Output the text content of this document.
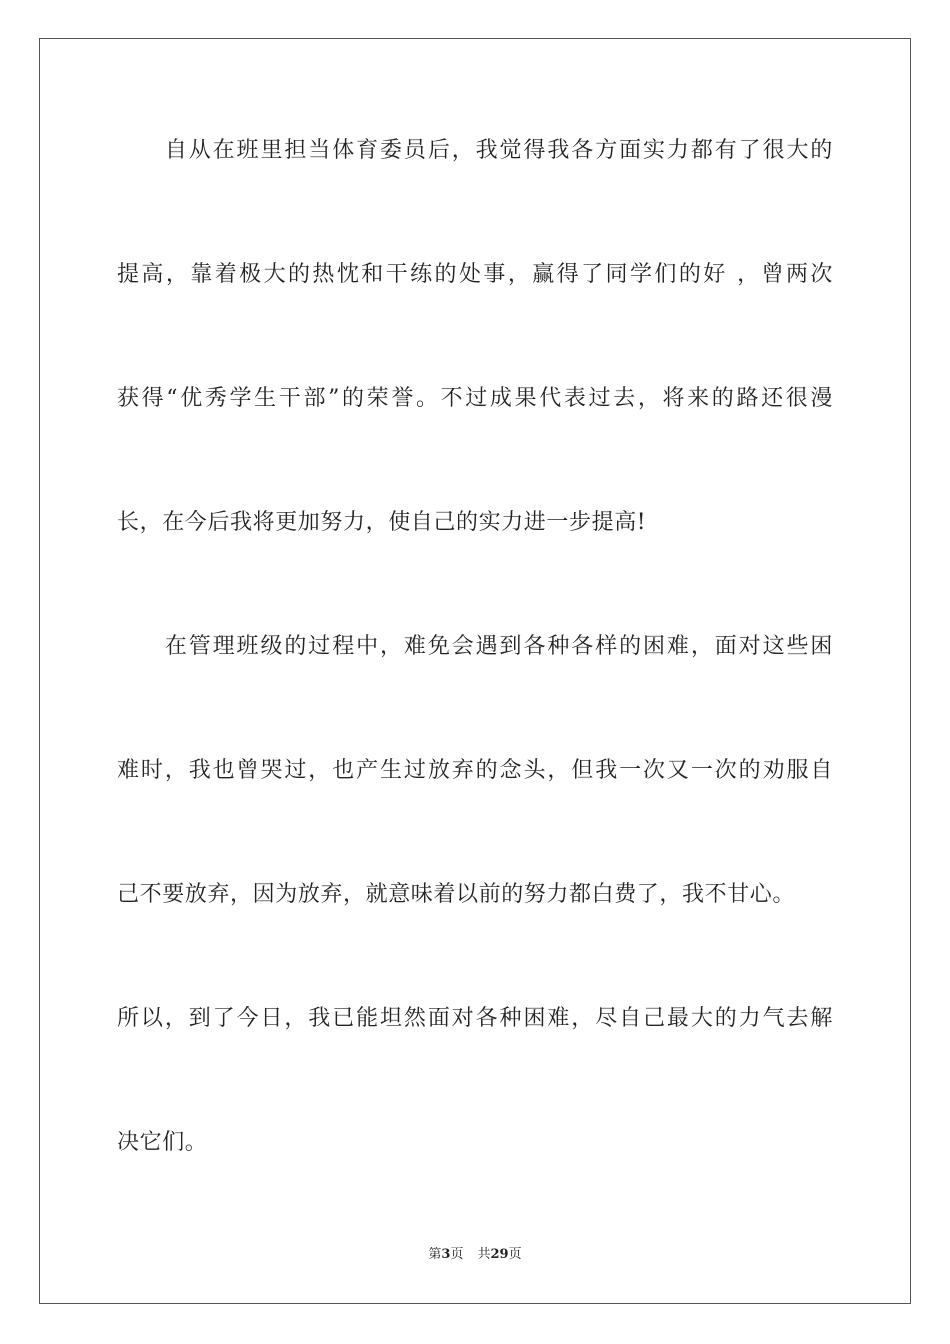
　　自从在班里担当体育委员后，我觉得我各方面实力都有了很大的
提高，靠着极大的热忱和干练的处事，赢得了同学们的好 ，曾两次
获得“优秀学生干部”的荣誉。不过成果代表过去，将来的路还很漫
长，在今后我将更加努力，使自己的实力进一步提高!
　　在管理班级的过程中，难免会遇到各种各样的困难，面对这些困
难时，我也曾哭过，也产生过放弃的念头，但我一次又一次的劝服自
己不要放弃，因为放弃，就意味着以前的努力都白费了，我不甘心。
所以，到了今日，我已能坦然面对各种困难，尽自己最大的力气去解
决它们。
第3页 共29页
